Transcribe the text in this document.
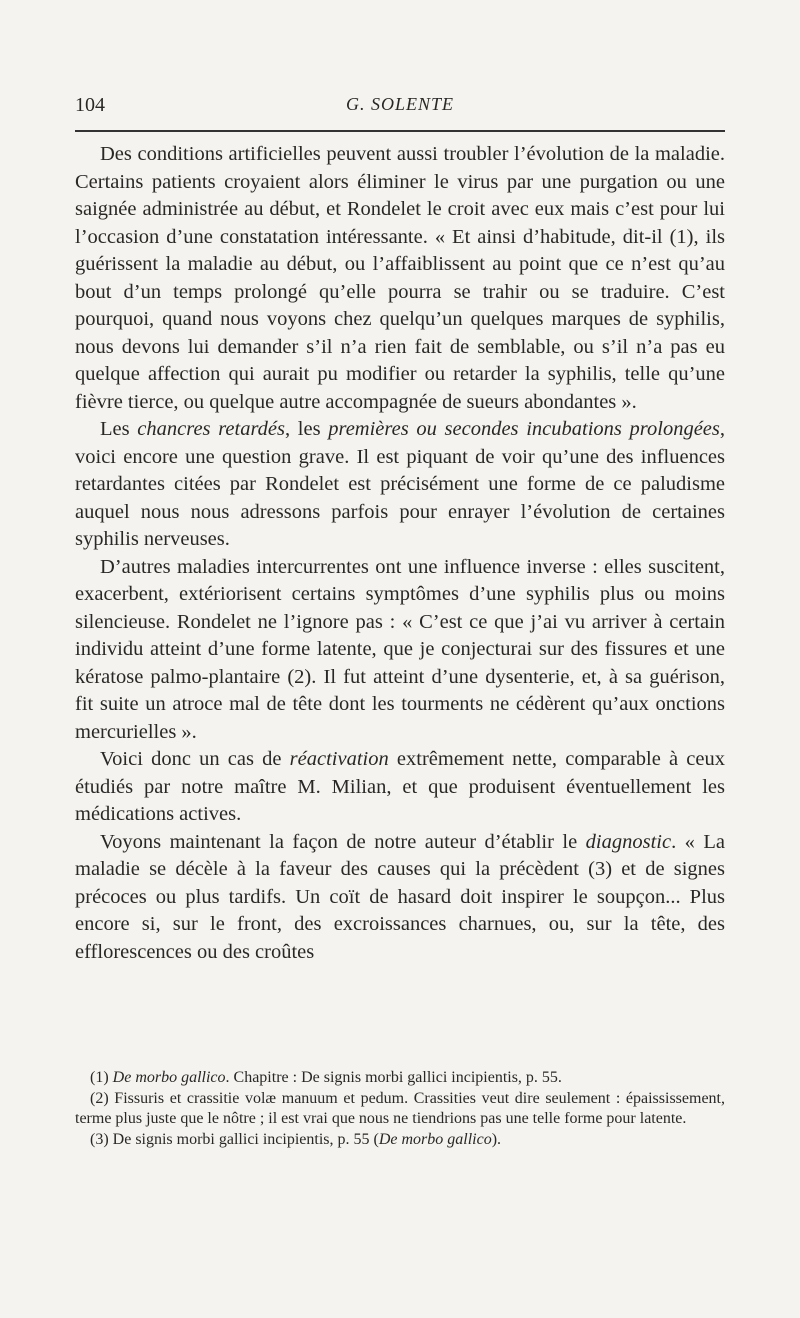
104	G. SOLENTE

Des conditions artificielles peuvent aussi troubler l’évolution de la maladie. Certains patients croyaient alors éliminer le virus par une purgation ou une saignée administrée au début, et Rondelet le croit avec eux mais c’est pour lui l’occasion d’une constatation intéressante. « Et ainsi d’habitude, dit-il (1), ils guérissent la maladie au début, ou l’affaiblissent au point que ce n’est qu’au bout d’un temps prolongé qu’elle pourra se trahir ou se traduire. C’est pourquoi, quand nous voyons chez quelqu’un quelques marques de syphilis, nous devons lui demander s’il n’a rien fait de semblable, ou s’il n’a pas eu quelque affection qui aurait pu modifier ou retarder la syphilis, telle qu’une fièvre tierce, ou quelque autre accompagnée de sueurs abondantes ».

Les chancres retardés, les premières ou secondes incubations prolongées, voici encore une question grave. Il est piquant de voir qu’une des influences retardantes citées par Rondelet est précisément une forme de ce paludisme auquel nous nous adressons parfois pour enrayer l’évolution de certaines syphilis nerveuses.

D’autres maladies intercurrentes ont une influence inverse : elles suscitent, exacerbent, extériorisent certains symptômes d’une syphilis plus ou moins silencieuse. Rondelet ne l’ignore pas : « C’est ce que j’ai vu arriver à certain individu atteint d’une forme latente, que je conjecturai sur des fissures et une kératose palmo-plantaire (2). Il fut atteint d’une dysenterie, et, à sa guérison, fit suite un atroce mal de tête dont les tourments ne cédèrent qu’aux onctions mercurielles ».

Voici donc un cas de réactivation extrêmement nette, comparable à ceux étudiés par notre maître M. Milian, et que produisent éventuellement les médications actives.

Voyons maintenant la façon de notre auteur d’établir le diagnostic. « La maladie se décèle à la faveur des causes qui la précèdent (3) et de signes précoces ou plus tardifs. Un coït de hasard doit inspirer le soupçon... Plus encore si, sur le front, des excroissances charnues, ou, sur la tête, des efflorescences ou des croûtes

(1) De morbo gallico. Chapitre : De signis morbi gallici incipientis, p. 55.

(2) Fissuris et crassitie volæ manuum et pedum. Crassities veut dire seulement : épaississement, terme plus juste que le nôtre ; il est vrai que nous ne tiendrions pas une telle forme pour latente.

(3) De signis morbi gallici incipientis, p. 55 (De morbo gallico).
